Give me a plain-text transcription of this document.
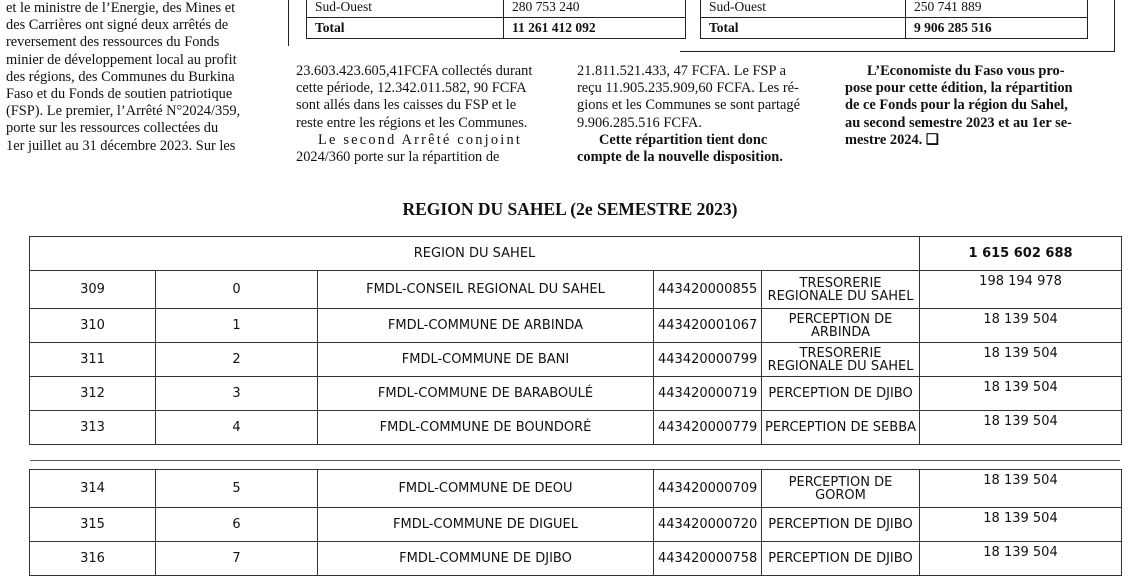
Sud-Ouest	280 753 240
Total	11 261 412 092
Sud-Ouest	250 741 889
Total	9 906 285 516

et le ministre de l’Energie, des Mines et

des Carrières ont signé deux arrêtés de

reversement des ressources du Fonds

minier de développement local au profit

des régions, des Communes du Burkina

Faso et du Fonds de soutien patriotique

(FSP). Le premier, l’Arrêté N°2024/359,

porte sur les ressources collectées du

1er juillet au 31 décembre 2023. Sur les

23.603.423.605,41FCFA collectés durant

cette période, 12.342.011.582, 90 FCFA

sont allés dans les caisses du FSP et le

reste entre les régions et les Communes.

Le second Arrêté conjoint

2024/360 porte sur la répartition de

21.811.521.433, 47 FCFA. Le FSP a

reçu 11.905.235.909,60 FCFA. Les ré-

gions et les Communes se sont partagé

9.906.285.516 FCFA.

Cette répartition tient donc

compte de la nouvelle disposition.

L’Economiste du Faso vous pro-

pose pour cette édition, la répartition

de ce Fonds pour la région du Sahel,

au second semestre 2023 et au 1er se-

mestre 2024. ❑

REGION DU SAHEL (2e SEMESTRE 2023)
REGION DU SAHEL					1 615 602 688
309	0	FMDL-CONSEIL REGIONAL DU SAHEL	443420000855	TRESORERIE
REGIONALE DU SAHEL	198 194 978
310	1	FMDL-COMMUNE DE ARBINDA	443420001067	PERCEPTION DE
ARBINDA	18 139 504
311	2	FMDL-COMMUNE DE BANI	443420000799	TRESORERIE
REGIONALE DU SAHEL	18 139 504
312	3	FMDL-COMMUNE DE BARABOULÉ	443420000719	PERCEPTION DE DJIBO	18 139 504
313	4	FMDL-COMMUNE DE BOUNDORÉ	443420000779	PERCEPTION DE SEBBA	18 139 504
314	5	FMDL-COMMUNE DE DEOU	443420000709	PERCEPTION DE
GOROM	18 139 504
315	6	FMDL-COMMUNE DE DIGUEL	443420000720	PERCEPTION DE DJIBO	18 139 504
316	7	FMDL-COMMUNE DE DJIBO	443420000758	PERCEPTION DE DJIBO	18 139 504
